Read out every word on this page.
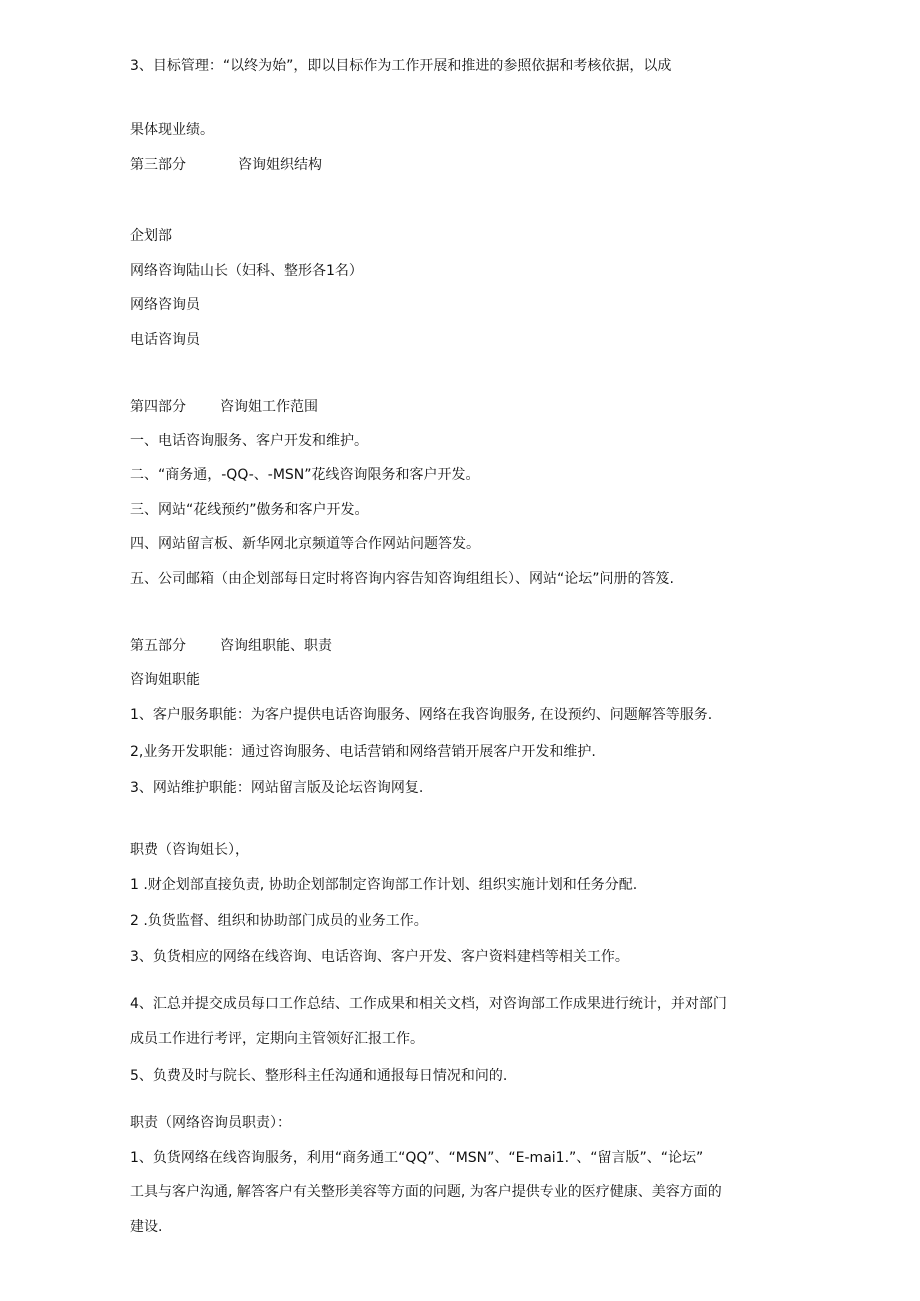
3、目标管理：“以终为始”，即以目标作为工作开展和推进的参照依据和考核依据，以成
果体现业绩。
第三部分	咨询姐织结构
企划部
网络咨询陆山长（妇科、整形各1名）
网络咨询员
电话咨询员
第四部分 咨询姐工作范围
一、电话咨询服务、客户开发和维护。
二、“商务通，-QQ-、-MSN”花线咨询限务和客户开发。
三、网站“花线预约”傲务和客户开发。
四、网站留言板、新华网北京频道等合作网站问题答发。
五、公司邮箱（由企划部每日定时将咨询内容告知咨询组组长）、网站“论坛”问册的答笈.
第五部分 咨询组职能、职责
咨询姐职能
1、客户服务职能：为客户提供电话咨询服务、网络在我咨询服务, 在设预约、问题解答等服务.
2,业务开发职能：通过咨询服务、电话营销和网络营销开展客户开发和维护.
3、网站维护职能：网站留言版及论坛咨询网复.
职费（咨询姐长），
1 .财企划部直接负责, 协助企划部制定咨询部工作计划、组织实施计划和任务分配.
2 .负货监督、组织和协助部门成员的业务工作。
3、负货相应的网络在线咨询、电话咨询、客户开发、客户资料建档等相关工作。
4、汇总并提交成员每口工作总结、工作成果和相关文档，对咨询部工作成果进行统计，并对部门
成员工作进行考评，定期向主管领好汇报工作。
5、负费及时与院长、整形科主任沟通和通报每日情况和问的.
职责（网络咨询员职责）：
1、负货网络在线咨询服务，利用“商务通工“QQ”、“MSN”、“E-mai1.”、“留言版”、“论坛”
工具与客户沟通, 解答客户有关整形美容等方面的问题, 为客户提供专业的医疗健康、美容方面的
建设.
